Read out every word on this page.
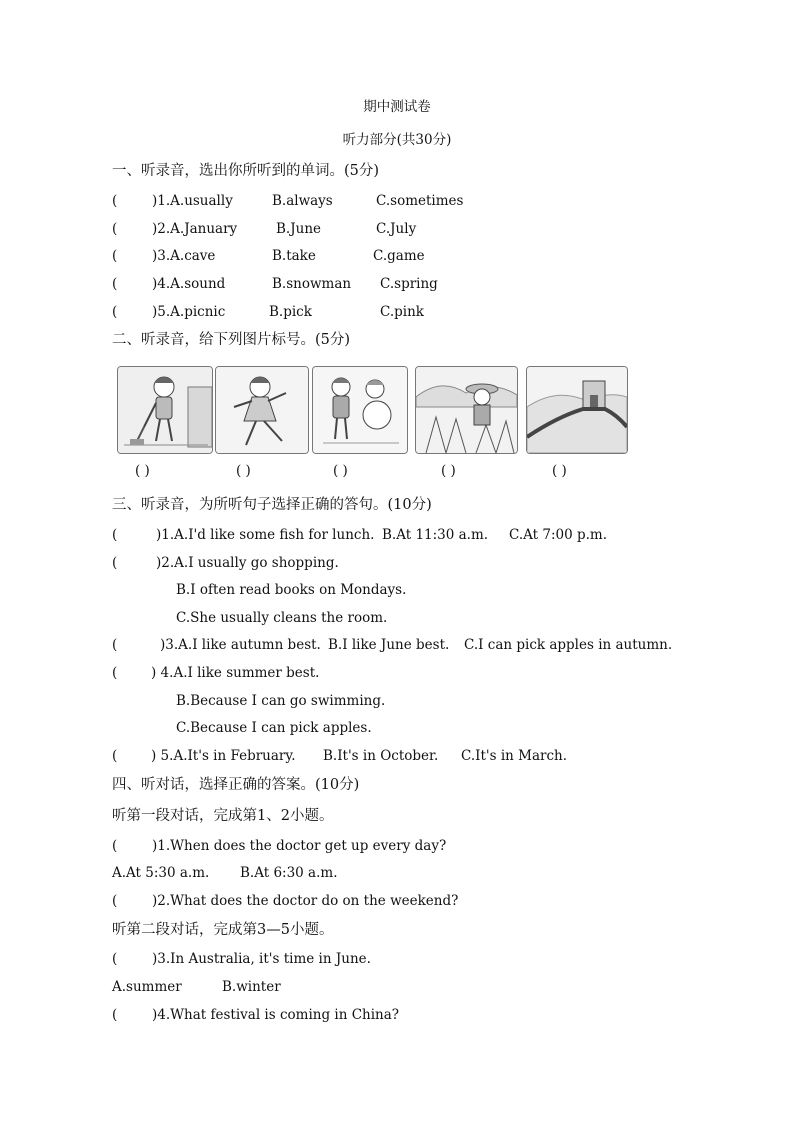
期中测试卷
听力部分(共30分)
一、听录音，选出你所听到的单词。(5分)
(	)1.A.usually	B.always	C.sometimes
(	)2.A.January	B.June	C.July
(	)3.A.cave	B.take	C.game
(	)4.A.sound	B.snowman C.spring
(	)5.A.picnic	B.pick	C.pink
二、听录音，给下列图片标号。(5分)
( )	( )	( )	( )	( )
三、听录音，为所听句子选择正确的答句。(10分)
(	)1.A.I'd like some fish for lunch. B.At 11:30 a.m. C.At 7:00 p.m.
(	)2.A.I usually go shopping.
B.I often read books on Mondays.
C.She usually cleans the room.
(	)3.A.I like autumn best. B.I like June best. C.I can pick apples in autumn.
( ) 4.A.I like summer best.
B.Because I can go swimming.
C.Because I can pick apples.
( ) 5.A.It's in February. B.It's in October. C.It's in March.
四、听对话，选择正确的答案。(10分)
听第一段对话，完成第1、2小题。
(	)1.When does the doctor get up every day?
A.At 5:30 a.m. B.At 6:30 a.m.
(	)2.What does the doctor do on the weekend?
听第二段对话，完成第3—5小题。
(	)3.In Australia, it's time in June.
A.summer	B.winter
(	)4.What festival is coming in China?
